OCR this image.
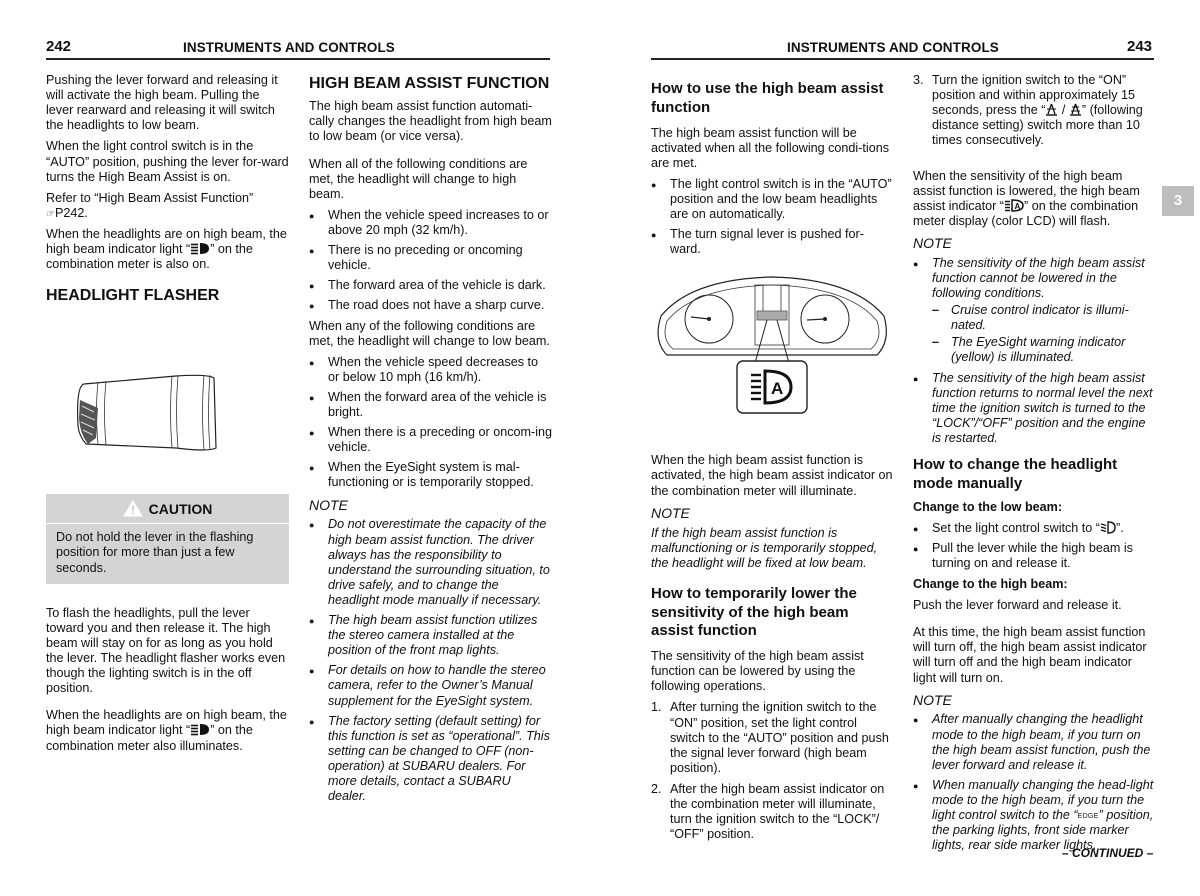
242	INSTRUMENTS AND CONTROLS	INSTRUMENTS AND CONTROLS	243

Pushing the lever forward and releasing it will activate the high beam. Pulling the lever rearward and releasing it will switch the headlights to low beam.

When the light control switch is in the “AUTO” position, pushing the lever for-ward turns the High Beam Assist is on.

Refer to “High Beam Assist Function”
☞P242.

When the headlights are on high beam, the high beam indicator light “ ” on the combination meter is also on.

HEADLIGHT FLASHER
CAUTION
Do not hold the lever in the flashing position for more than just a few seconds.

To flash the headlights, pull the lever toward you and then release it. The high beam will stay on for as long as you hold the lever. The headlight flasher works even though the lighting switch is in the off position.

When the headlights are on high beam, the high beam indicator light “ ” on the combination meter also illuminates.

HIGH BEAM ASSIST FUNCTION

The high beam assist function automati-cally changes the headlight from high beam to low beam (or vice versa).

When all of the following conditions are met, the headlight will change to high beam.

● When the vehicle speed increases to or above 20 mph (32 km/h).
● There is no preceding or oncoming vehicle.
● The forward area of the vehicle is dark.
● The road does not have a sharp curve.

When any of the following conditions are met, the headlight will change to low beam.

● When the vehicle speed decreases to or below 10 mph (16 km/h).
● When the forward area of the vehicle is bright.
● When there is a preceding or oncom-ing vehicle.
● When the EyeSight system is mal-functioning or is temporarily stopped.
NOTE
● Do not overestimate the capacity of the high beam assist function. The driver always has the responsibility to understand the surrounding situation, to drive safely, and to change the headlight mode manually if necessary.
● The high beam assist function utilizes the stereo camera installed at the position of the front map lights.
● For details on how to handle the stereo camera, refer to the Owner’s Manual supplement for the EyeSight system.
● The factory setting (default setting) for this function is set as “operational”. This setting can be changed to OFF (non-operation) at SUBARU dealers. For more details, contact a SUBARU dealer.
How to use the high beam assist function

The high beam assist function will be activated when all the following condi-tions are met.

● The light control switch is in the “AUTO” position and the low beam headlights are on automatically.
● The turn signal lever is pushed for-ward.
A

When the high beam assist function is activated, the high beam assist indicator on the combination meter will illuminate.

NOTE

If the high beam assist function is malfunctioning or is temporarily stopped, the headlight will be fixed at low beam.

How to temporarily lower the sensitivity of the high beam assist function

The sensitivity of the high beam assist function can be lowered by using the following operations.

1. After turning the ignition switch to the “ON” position, set the light control switch to the “AUTO” position and push the signal lever forward (high beam position).
2. After the high beam assist indicator on the combination meter will illuminate, turn the ignition switch to the “LOCK”/ “OFF” position.
3. Turn the ignition switch to the “ON” position and within approximately 15 seconds, press the “ / ” (following distance setting) switch more than 10 times consecutively.

When the sensitivity of the high beam assist function is lowered, the high beam assist indicator “ A ” on the combination meter display (color LCD) will flash.

NOTE
● The sensitivity of the high beam assist function cannot be lowered in the following conditions.
– Cruise control indicator is illumi-nated.
– The EyeSight warning indicator (yellow) is illuminated.
● The sensitivity of the high beam assist function returns to normal level the next time the ignition switch is turned to the “LOCK”/“OFF” position and the engine is restarted.
How to change the headlight mode manually
Change to the low beam:
● Set the light control switch to “ ”.
● Pull the lever while the high beam is turning on and release it.
Change to the high beam:

Push the lever forward and release it.

At this time, the high beam assist function will turn off, the high beam assist indicator will turn off and the high beam indicator light will turn on.

NOTE
● After manually changing the headlight mode to the high beam, if you turn on the high beam assist function, push the lever forward and release it.
● When manually changing the head-light mode to the high beam, if you turn the light control switch to the “EDGE” position, the parking lights, front side marker lights, rear side marker lights,
3
– CONTINUED –
